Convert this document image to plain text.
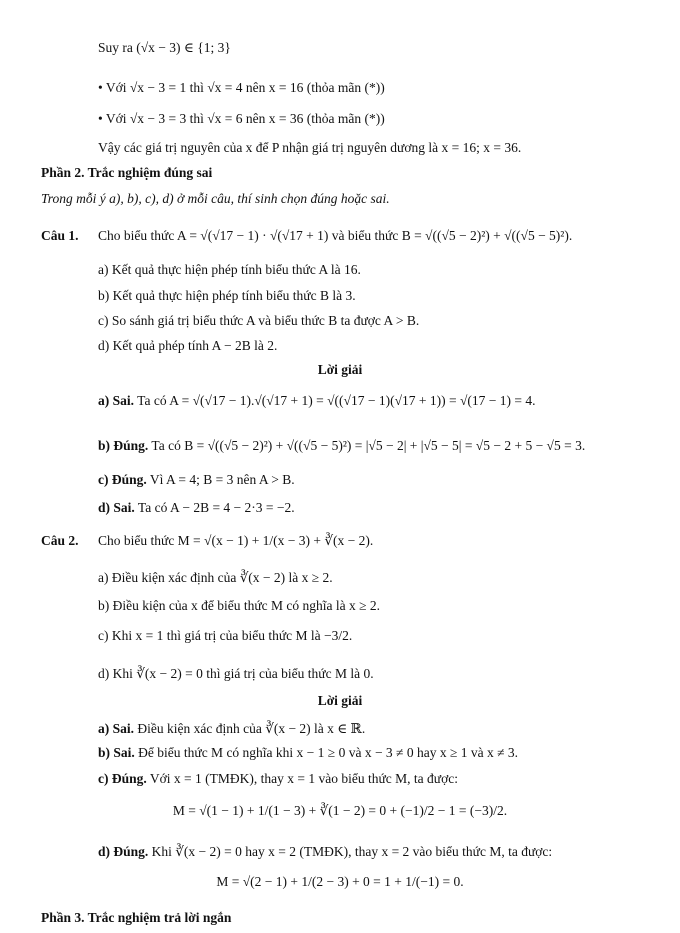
Suy ra (√x − 3) ∈ {1; 3}
• Với √x − 3 = 1 thì √x = 4 nên x = 16 (thỏa mãn (*))
• Với √x − 3 = 3 thì √x = 6 nên x = 36 (thỏa mãn (*))
Vậy các giá trị nguyên của x để P nhận giá trị nguyên dương là x = 16; x = 36.
Phần 2. Trắc nghiệm đúng sai
Trong mỗi ý a), b), c), d) ở mỗi câu, thí sinh chọn đúng hoặc sai.
Câu 1. Cho biểu thức A = √(√17 − 1) · √(√17 + 1) và biểu thức B = √((√5 − 2)²) + √((√5 − 5)²).
a) Kết quả thực hiện phép tính biểu thức A là 16.
b) Kết quả thực hiện phép tính biểu thức B là 3.
c) So sánh giá trị biểu thức A và biểu thức B ta được A > B.
d) Kết quả phép tính A − 2B là 2.
Lời giải
a) Sai. Ta có A = √(√17 − 1).√(√17 + 1) = √((√17 − 1)(√17 + 1)) = √(17 − 1) = 4.
b) Đúng. Ta có B = √((√5 − 2)²) + √((√5 − 5)²) = |√5 − 2| + |√5 − 5| = √5 − 2 + 5 − √5 = 3.
c) Đúng. Vì A = 4; B = 3 nên A > B.
d) Sai. Ta có A − 2B = 4 − 2·3 = −2.
Câu 2. Cho biểu thức M = √(x − 1) + 1/(x − 3) + ∛(x − 2).
a) Điều kiện xác định của ∛(x − 2) là x ≥ 2.
b) Điều kiện của x để biểu thức M có nghĩa là x ≥ 2.
c) Khi x = 1 thì giá trị của biểu thức M là −3/2.
d) Khi ∛(x − 2) = 0 thì giá trị của biểu thức M là 0.
Lời giải
a) Sai. Điều kiện xác định của ∛(x − 2) là x ∈ ℝ.
b) Sai. Để biểu thức M có nghĩa khi x − 1 ≥ 0 và x − 3 ≠ 0 hay x ≥ 1 và x ≠ 3.
c) Đúng. Với x = 1 (TMĐK), thay x = 1 vào biểu thức M, ta được:
M = √(1 − 1) + 1/(1 − 3) + ∛(1 − 2) = 0 + (−1)/2 − 1 = (−3)/2.
d) Đúng. Khi ∛(x − 2) = 0 hay x = 2 (TMĐK), thay x = 2 vào biểu thức M, ta được:
M = √(2 − 1) + 1/(2 − 3) + 0 = 1 + 1/(−1) = 0.
Phần 3. Trắc nghiệm trả lời ngắn
